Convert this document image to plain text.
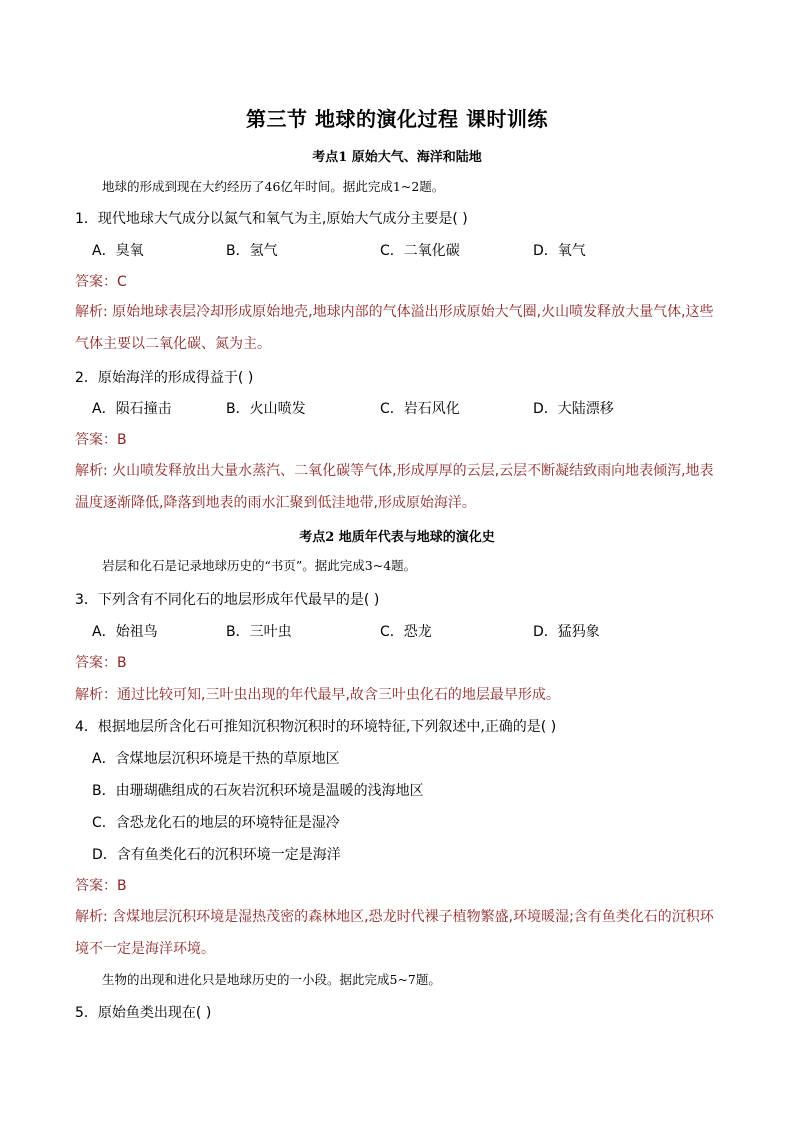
第三节 地球的演化过程 课时训练
考点1 原始大气、海洋和陆地
地球的形成到现在大约经历了46亿年时间。据此完成1~2题。
1．现代地球大气成分以氮气和氧气为主,原始大气成分主要是( )
A．臭氧	B．氢气	C．二氧化碳	D．氧气
答案：C
解析: 原始地球表层冷却形成原始地壳,地球内部的气体溢出形成原始大气圈,火山喷发释放大量气体,这些气体主要以二氧化碳、氮为主。
2．原始海洋的形成得益于( )
A．陨石撞击	B．火山喷发	C．岩石风化	D．大陆漂移
答案：B
解析: 火山喷发释放出大量水蒸汽、二氧化碳等气体,形成厚厚的云层,云层不断凝结致雨向地表倾泻,地表温度逐渐降低,降落到地表的雨水汇聚到低洼地带,形成原始海洋。
考点2 地质年代表与地球的演化史
岩层和化石是记录地球历史的“书页”。据此完成3~4题。
3．下列含有不同化石的地层形成年代最早的是( )
A．始祖鸟	B．三叶虫	C．恐龙	D．猛犸象
答案：B
解析：通过比较可知,三叶虫出现的年代最早,故含三叶虫化石的地层最早形成。
4．根据地层所含化石可推知沉积物沉积时的环境特征,下列叙述中,正确的是( )
A．含煤地层沉积环境是干热的草原地区
B．由珊瑚礁组成的石灰岩沉积环境是温暖的浅海地区
C．含恐龙化石的地层的环境特征是湿冷
D．含有鱼类化石的沉积环境一定是海洋
答案：B
解析: 含煤地层沉积环境是湿热茂密的森林地区,恐龙时代裸子植物繁盛,环境暖湿;含有鱼类化石的沉积环境不一定是海洋环境。
生物的出现和进化只是地球历史的一小段。据此完成5~7题。
5．原始鱼类出现在( )
